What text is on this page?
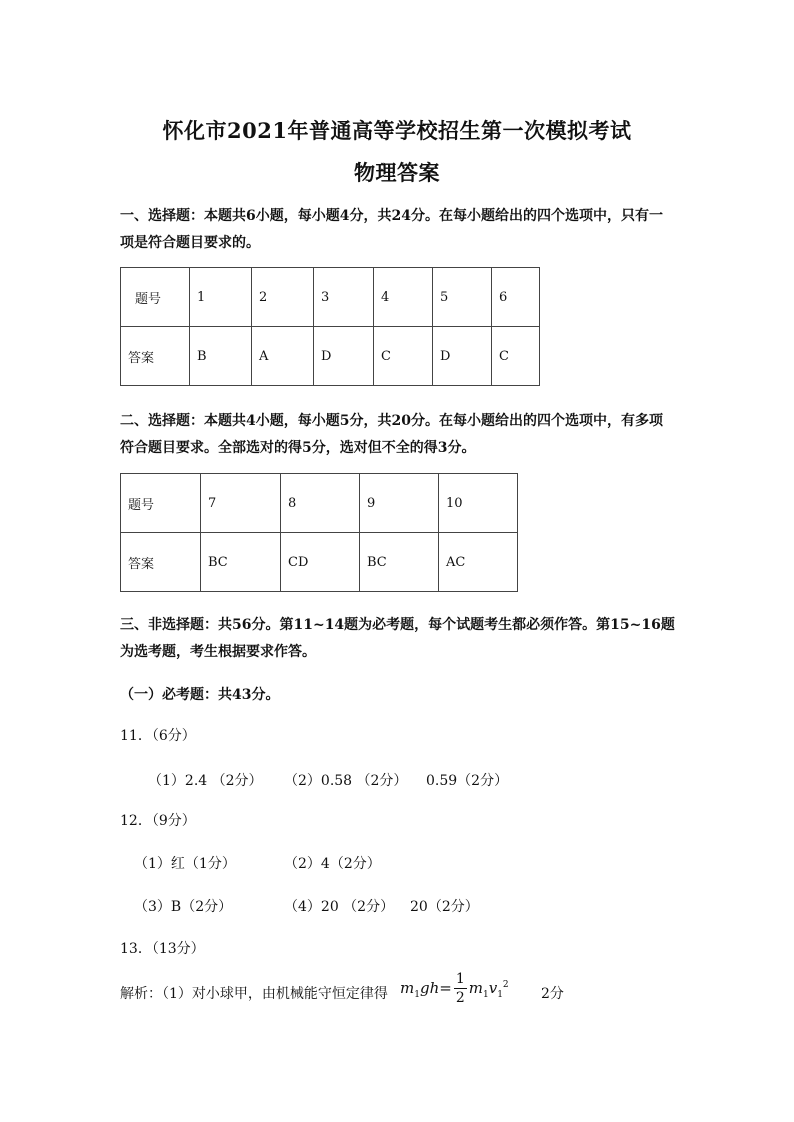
怀化市2021年普通高等学校招生第一次模拟考试
物理答案
一、选择题：本题共6小题，每小题4分，共24分。在每小题给出的四个选项中，只有一
项是符合题目要求的。
题号	1	2	3	4	5	6
答案	B	A	D	C	D	C
二、选择题：本题共4小题，每小题5分，共20分。在每小题给出的四个选项中，有多项
符合题目要求。全部选对的得5分，选对但不全的得3分。
题号	7	8	9	10
答案	BC	CD	BC	AC
三、非选择题：共56分。第11~14题为必考题，每个试题考生都必须作答。第15~16题
为选考题，考生根据要求作答。
（一）必考题：共43分。
11．（6分）
（1）2.4 （2分） （2）0.58 （2分） 0.59（2分）
12．（9分）
（1）红（1分）	（2）4（2分）
（3）B（2分）	（4）20 （2分） 20（2分）
13．（13分）
解析：（1）对小球甲，由机械能守恒定律得 $m_1gh= \frac{1}{2} m_1v_1^2$
2分
